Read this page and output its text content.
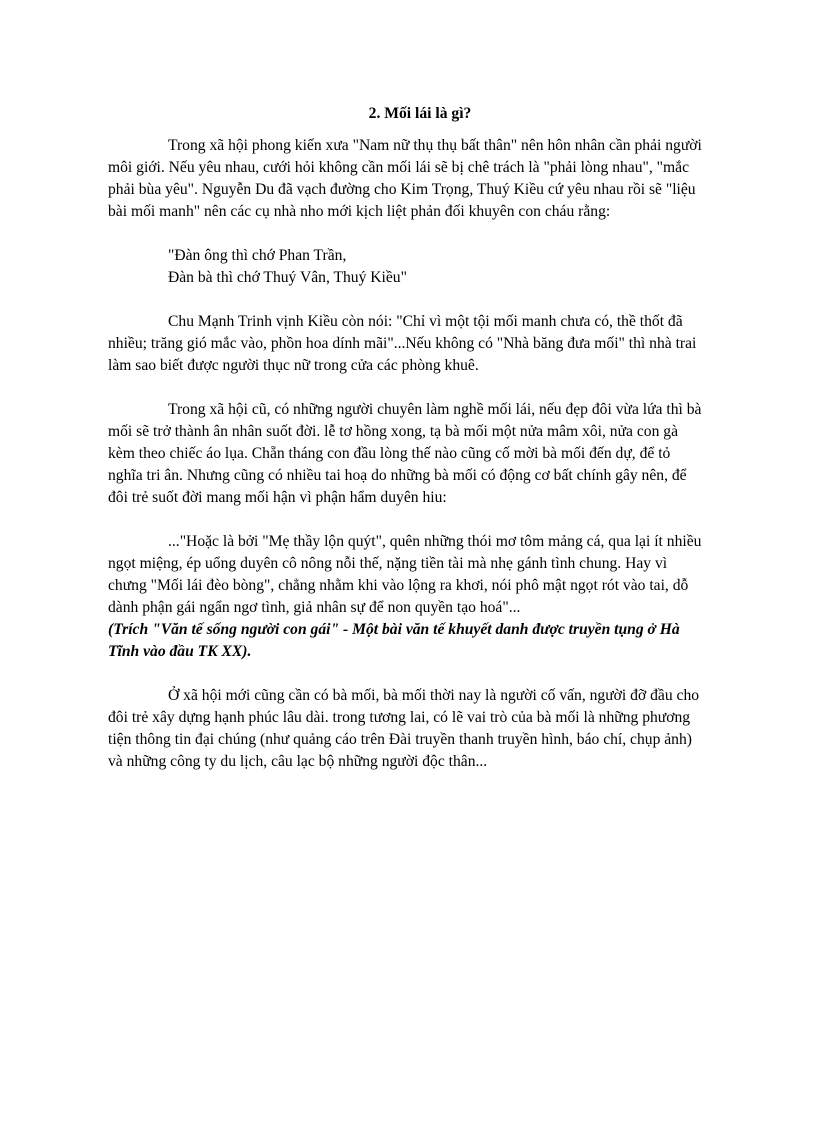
2. Mối lái là gì?

Trong xã hội phong kiến xưa "Nam nữ thụ thụ bất thân" nên hôn nhân cần phải người môi giới. Nếu yêu nhau, cưới hỏi không cần mối lái sẽ bị chê trách là "phải lòng nhau", "mắc phải bùa yêu". Nguyễn Du đã vạch đường cho Kim Trọng, Thuý Kiều cứ yêu nhau rồi sẽ "liệu bài mối manh" nên các cụ nhà nho mới kịch liệt phản đối khuyên con cháu rằng:

"Đàn ông thì chớ Phan Trần,

Đàn bà thì chớ Thuý Vân, Thuý Kiều"

Chu Mạnh Trinh vịnh Kiều còn nói: "Chỉ vì một tội mối manh chưa có, thề thốt đã nhiều; trăng gió mắc vào, phồn hoa dính mãi"...Nếu không có "Nhà băng đưa mối" thì nhà trai làm sao biết được người thục nữ trong cửa các phòng khuê.

Trong xã hội cũ, có những người chuyên làm nghề mối lái, nếu đẹp đôi vừa lứa thì bà mối sẽ trở thành ân nhân suốt đời. lễ tơ hồng xong, tạ bà mối một nửa mâm xôi, nửa con gà kèm theo chiếc áo lụa. Chẵn tháng con đầu lòng thế nào cũng cố mời bà mối đến dự, để tỏ nghĩa tri ân. Nhưng cũng có nhiều tai hoạ do những bà mối có động cơ bất chính gây nên, để đôi trẻ suốt đời mang mối hận vì phận hẩm duyên hiu:

..."Hoặc là bởi "Mẹ thầy lộn quýt", quên những thói mơ tôm mảng cá, qua lại ít nhiều ngọt miệng, ép uổng duyên cô nông nỗi thế, nặng tiền tài mà nhẹ gánh tình chung. Hay vì chưng "Mối lái đèo bòng", chẳng nhằm khi vào lộng ra khơi, nói phô mật ngọt rót vào tai, dỗ dành phận gái ngẩn ngơ tình, giả nhân sự để non quyền tạo hoá"...

(Trích "Văn tế sống người con gái" - Một bài văn tế khuyết danh được truyền tụng ở Hà Tĩnh vào đầu TK XX).

Ở xã hội mới cũng cần có bà mối, bà mối thời nay là người cố vấn, người đỡ đầu cho đôi trẻ xây dựng hạnh phúc lâu dài. trong tương lai, có lẽ vai trò của bà mối là những phương tiện thông tin đại chúng (như quảng cáo trên Đài truyền thanh truyền hình, báo chí, chụp ảnh) và những công ty du lịch, câu lạc bộ những người độc thân...
